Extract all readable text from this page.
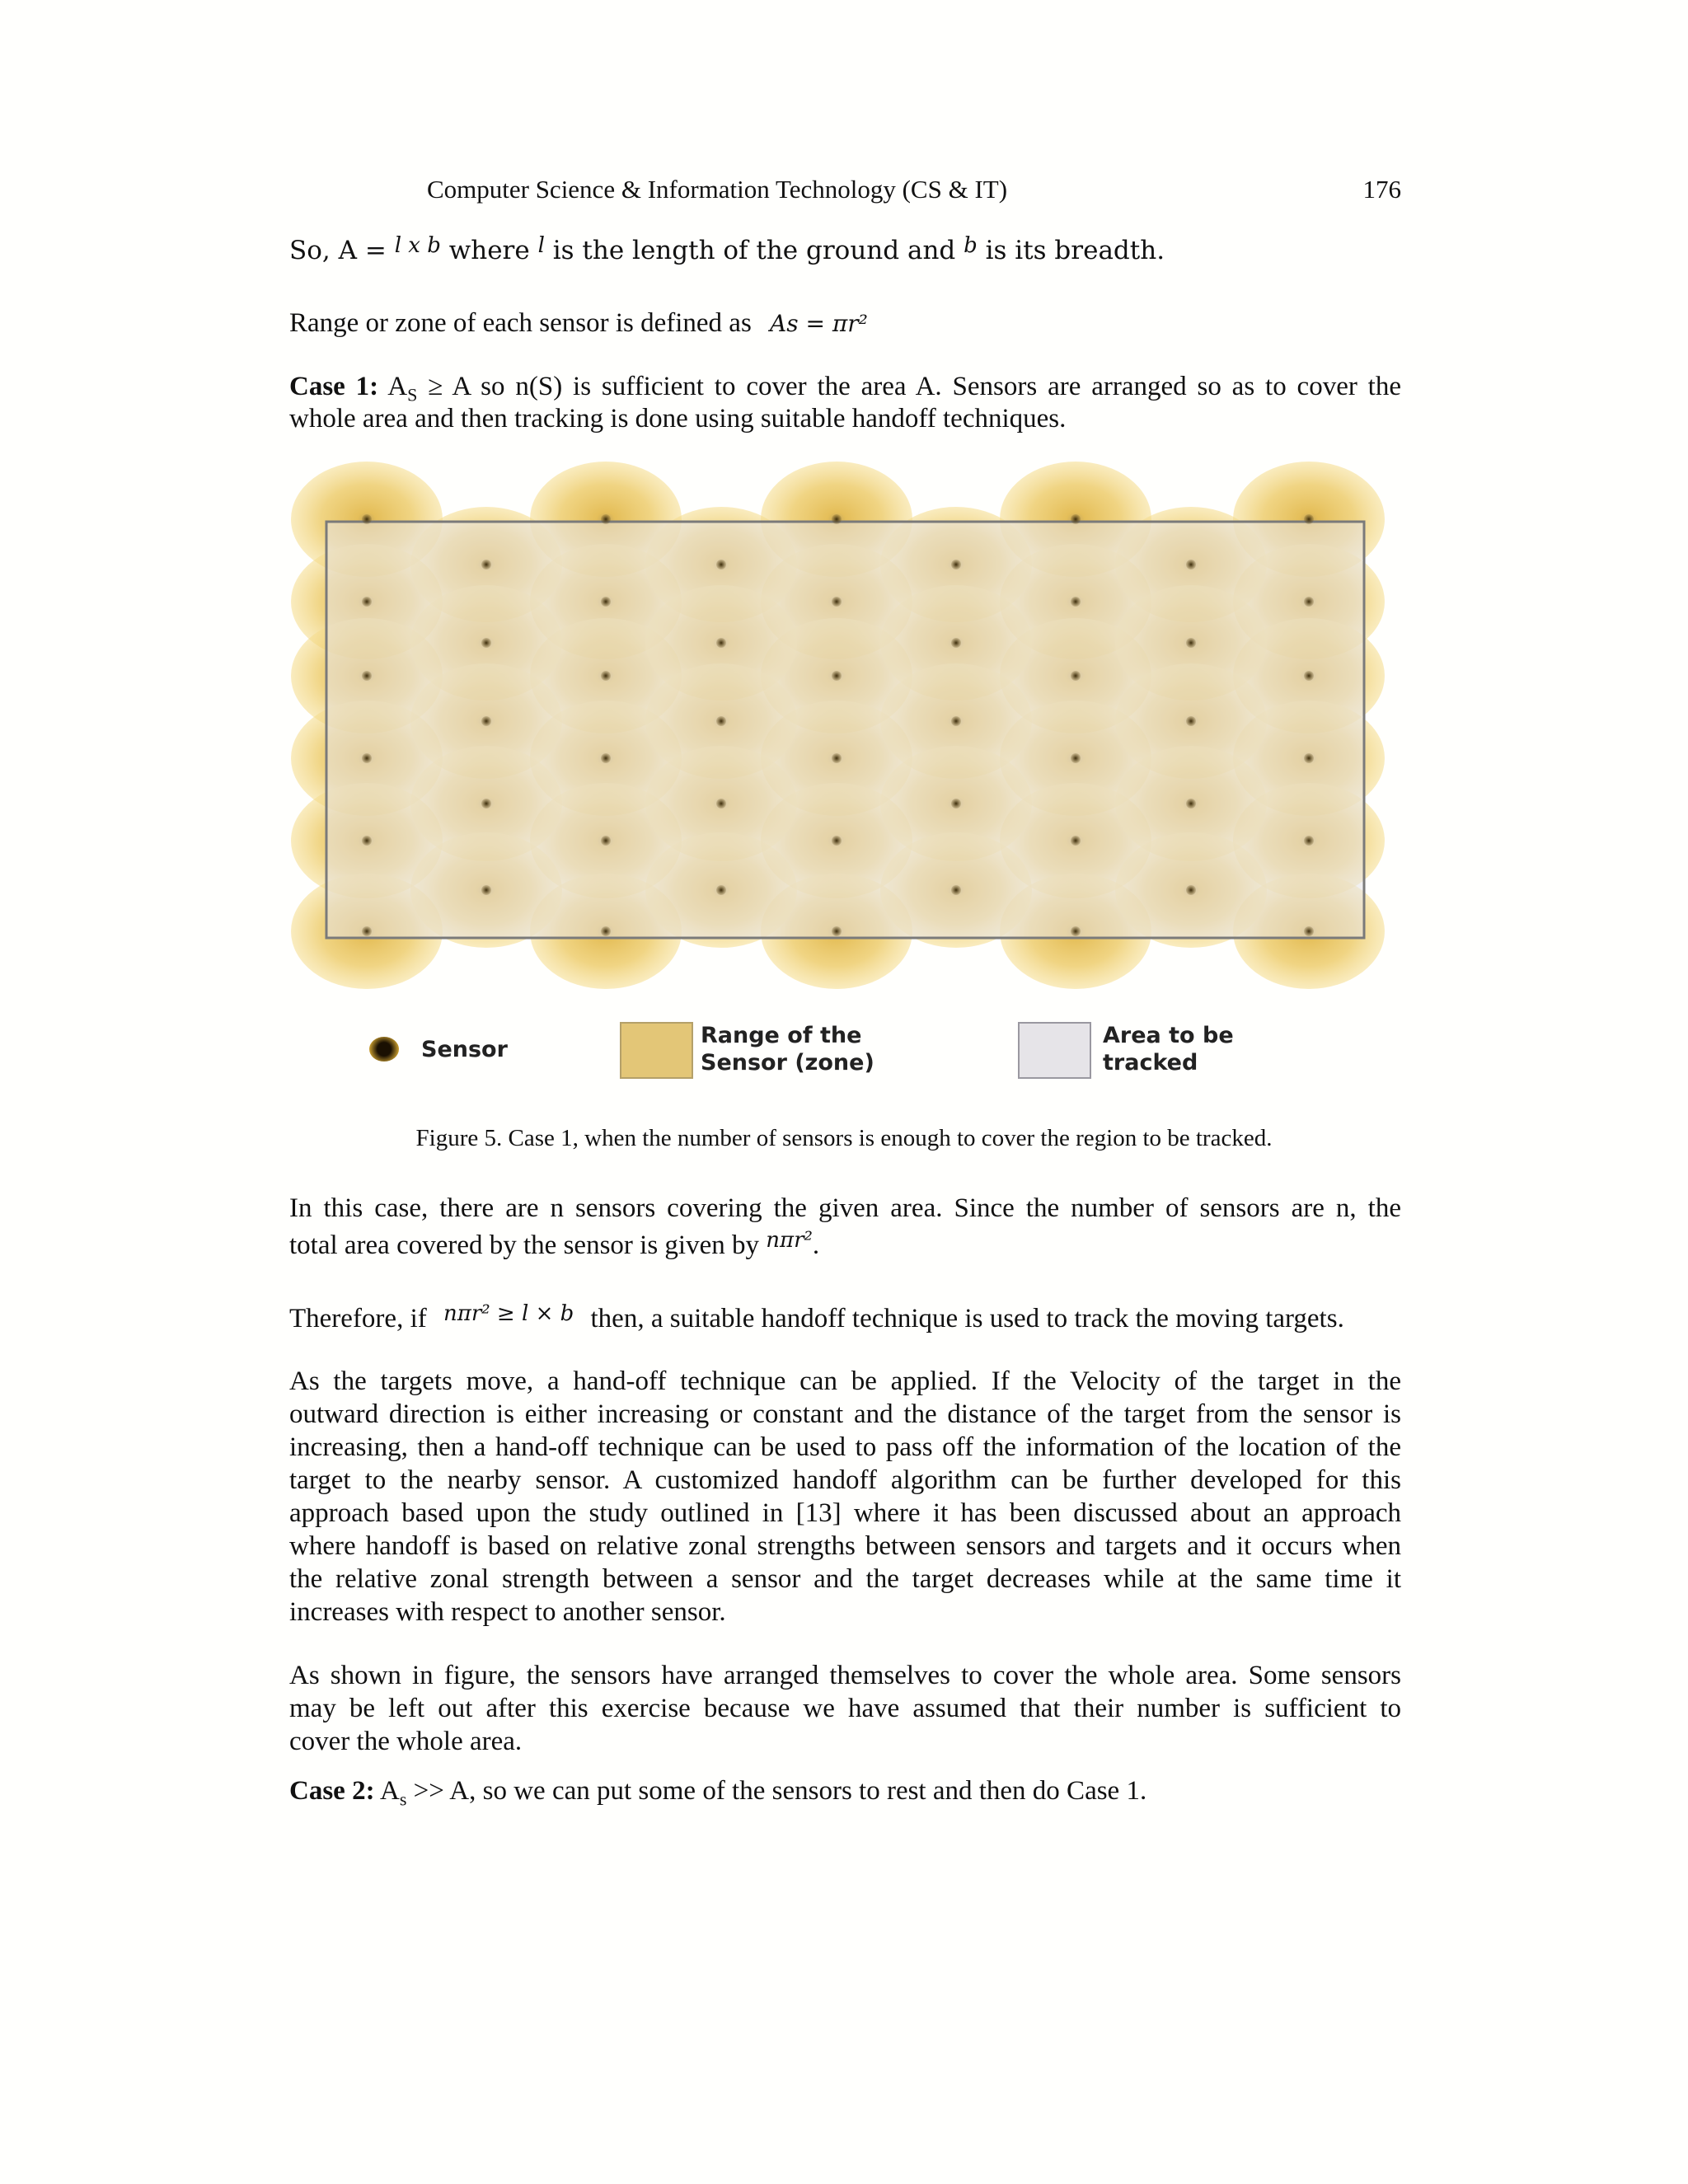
Computer Science & Information Technology (CS & IT)	176
So, A = $^{l x b}$ where $^l$ is the length of the ground and $^b$ is its breadth.
Range or zone of each sensor is defined as As = πr²
Case 1: $A_S \ge A$ so n(S) is sufficient to cover the area A. Sensors are arranged so as to cover the
whole area and then tracking is done using suitable handoff techniques.
Sensor
Range of the
Sensor (zone)
Area to be
tracked
Figure 5. Case 1, when the number of sensors is enough to cover the region to be tracked.
In this case, there are n sensors covering the given area. Since the number of sensors are n, the
total area covered by the sensor is given by $^{n\pi r^2}$.
Therefore, if $^{n\pi r^2 \ge l \times b}$ then, a suitable handoff technique is used to track the moving targets.
As the targets move, a hand-off technique can be applied. If the Velocity of the target in the
outward direction is either increasing or constant and the distance of the target from the sensor is
increasing, then a hand-off technique can be used to pass off the information of the location of the
target to the nearby sensor. A customized handoff algorithm can be further developed for this
approach based upon the study outlined in [13] where it has been discussed about an approach
where handoff is based on relative zonal strengths between sensors and targets and it occurs when
the relative zonal strength between a sensor and the target decreases while at the same time it
increases with respect to another sensor.
As shown in figure, the sensors have arranged themselves to cover the whole area. Some sensors
may be left out after this exercise because we have assumed that their number is sufficient to
cover the whole area.
Case 2: $A_s >> A$, so we can put some of the sensors to rest and then do Case 1.
